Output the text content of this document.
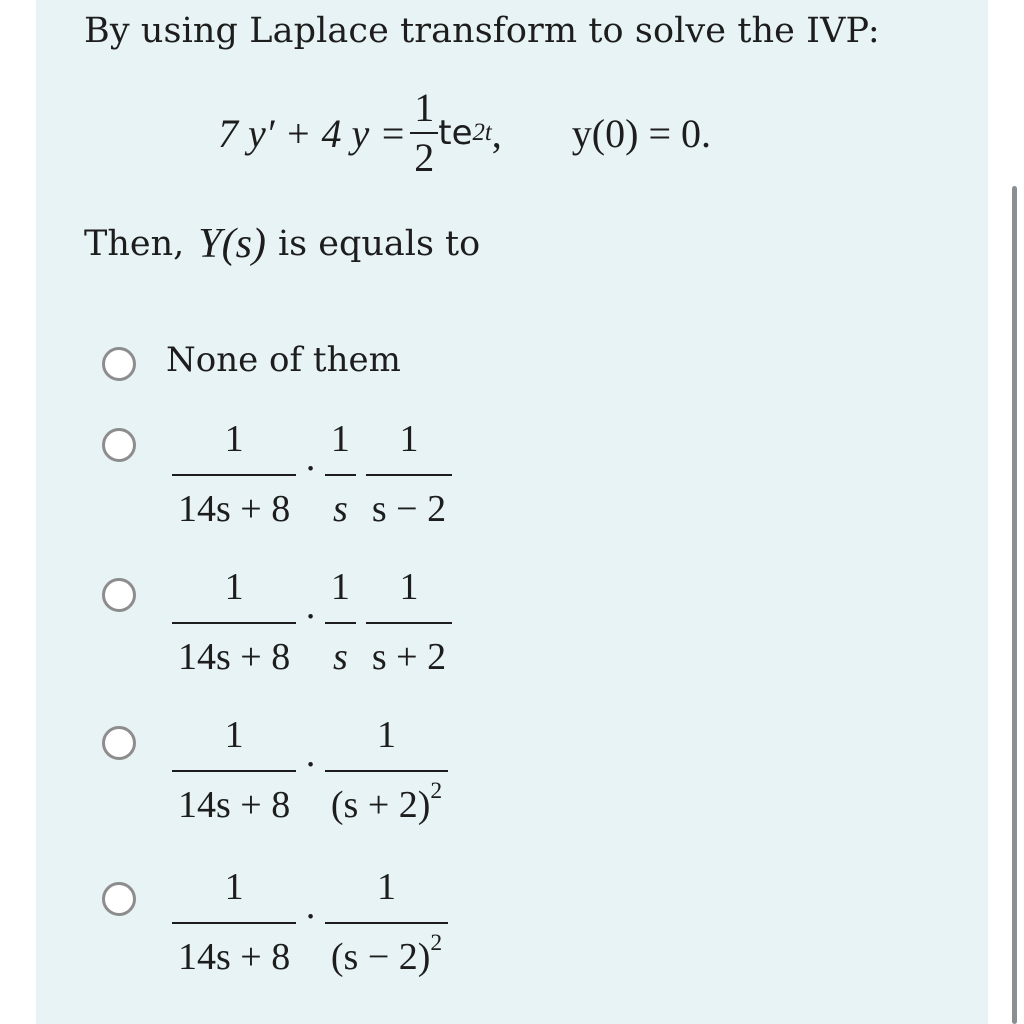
By using Laplace transform to solve the IVP:
7 y′ + 4 $y = \frac{1}{2}$ te 2t , y(0) = 0.
Then, Y(s) is equals to
None of them
$\frac{1}{14s + 8} \cdot \frac{1}{s} \frac{1}{s - 2}$
$\frac{1}{14s + 8} \cdot \frac{1}{s} \frac{1}{s + 2}$
$\frac{1}{14s + 8} \cdot \frac{1}{(s + 2)^2}$
$\frac{1}{14s + 8} \cdot \frac{1}{(s - 2)^2}$
